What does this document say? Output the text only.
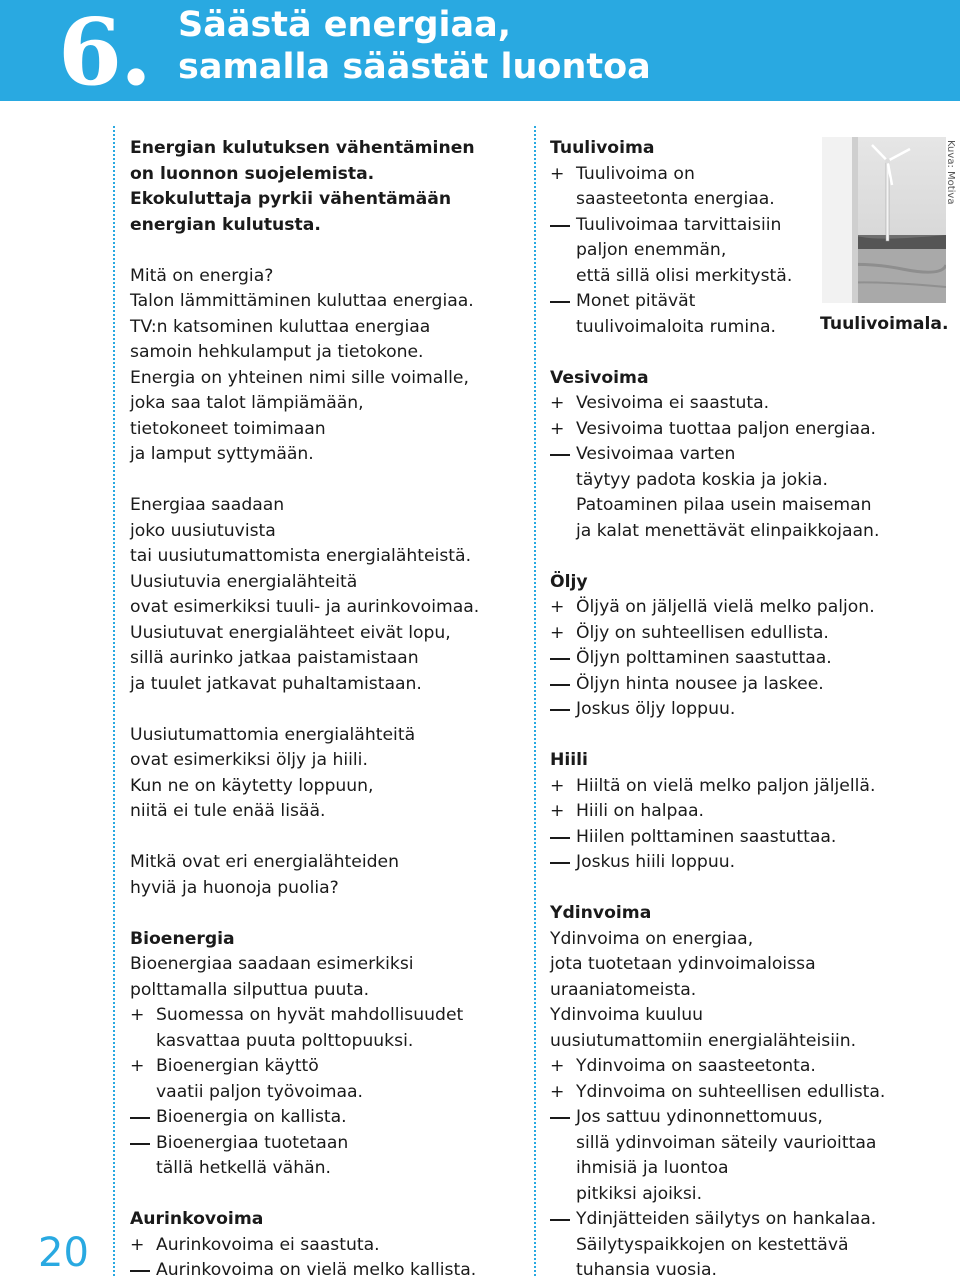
6. Säästä energiaa,
samalla säästät luontoa
20
Energian kulutuksen vähentäminen
on luonnon suojelemista.
Ekokuluttaja pyrkii vähentämään
energian kulutusta.
Mitä on energia?
Talon lämmittäminen kuluttaa energiaa.
TV:n katsominen kuluttaa energiaa
samoin hehkulamput ja tietokone.
Energia on yhteinen nimi sille voimalle,
joka saa talot lämpiämään,
tietokoneet toimimaan
ja lamput syttymään.
Energiaa saadaan
joko uusiutuvista
tai uusiutumattomista energialähteistä.
Uusiutuvia energialähteitä
ovat esimerkiksi tuuli- ja aurinkovoimaa.
Uusiutuvat energialähteet eivät lopu,
sillä aurinko jatkaa paistamistaan
ja tuulet jatkavat puhaltamistaan.
Uusiutumattomia energialähteitä
ovat esimerkiksi öljy ja hiili.
Kun ne on käytetty loppuun,
niitä ei tule enää lisää.
Mitkä ovat eri energialähteiden
hyviä ja huonoja puolia?
Bioenergia
Bioenergiaa saadaan esimerkiksi
polttamalla silputtua puuta.
+ Suomessa on hyvät mahdollisuudet
kasvattaa puuta polttopuuksi.
+ Bioenergian käyttö
vaatii paljon työvoimaa.
Bioenergia on kallista.
Bioenergiaa tuotetaan
tällä hetkellä vähän.
Aurinkovoima
+ Aurinkovoima ei saastuta.
Aurinkovoima on vielä melko kallista.
Tuulivoima
+ Tuulivoima on
saasteetonta energiaa.
Tuulivoimaa tarvittaisiin
paljon enemmän,
että sillä olisi merkitystä.
Monet pitävät
tuulivoimaloita rumina.
Vesivoima
+ Vesivoima ei saastuta.
+ Vesivoima tuottaa paljon energiaa.
Vesivoimaa varten
täytyy padota koskia ja jokia.
Patoaminen pilaa usein maiseman
ja kalat menettävät elinpaikkojaan.
Öljy
+ Öljyä on jäljellä vielä melko paljon.
+ Öljy on suhteellisen edullista.
Öljyn polttaminen saastuttaa.
Öljyn hinta nousee ja laskee.
Joskus öljy loppuu.
Hiili
+ Hiiltä on vielä melko paljon jäljellä.
+ Hiili on halpaa.
Hiilen polttaminen saastuttaa.
Joskus hiili loppuu.
Ydinvoima
Ydinvoima on energiaa,
jota tuotetaan ydinvoimaloissa
uraaniatomeista.
Ydinvoima kuuluu
uusiutumattomiin energialähteisiin.
+ Ydinvoima on saasteetonta.
+ Ydinvoima on suhteellisen edullista.
Jos sattuu ydinonnettomuus,
sillä ydinvoiman säteily vaurioittaa
ihmisiä ja luontoa
pitkiksi ajoiksi.
Ydinjätteiden säilytys on hankalaa.
Säilytyspaikkojen on kestettävä
tuhansia vuosia.
Kuva: Motiva
Tuulivoimala.
